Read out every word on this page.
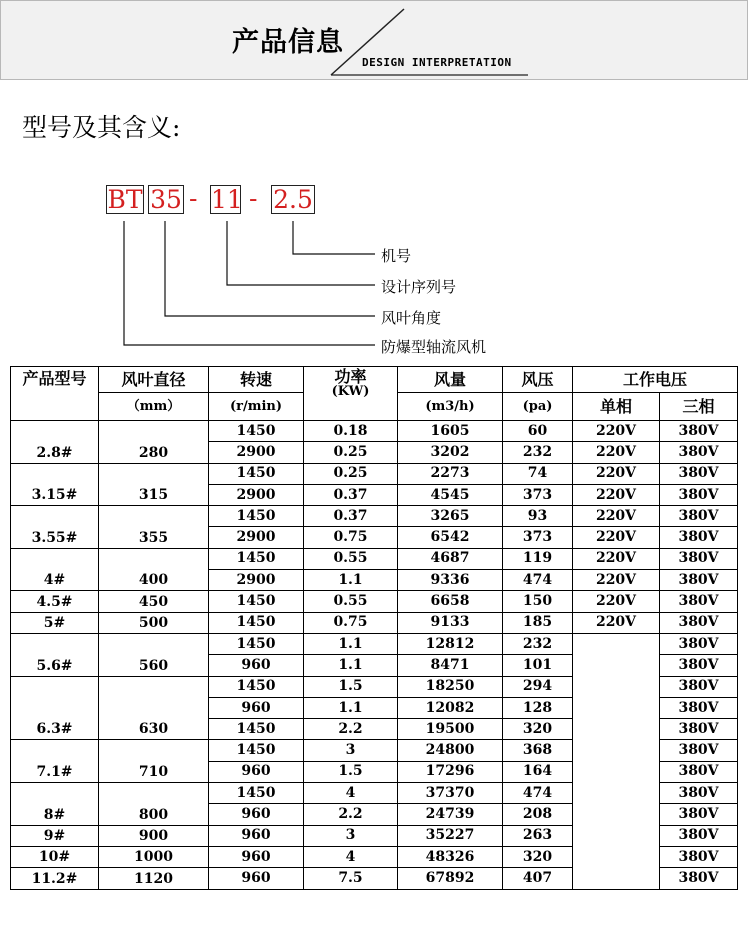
产品信息
DESIGN INTERPRETATION
型号及其含义:
BT 35 - 11 - 2.5
机号
设计序列号
风叶角度
防爆型轴流风机
产品型号	风叶直径	转速	功率
(KW)	风量	风压	工作电压	
	（mm）	(r/min)		(m3/h)	(pa)	单相	三相
2.8#	280	1450	0.18	1605	60	220V	380V
		2900	0.25	3202	232	220V	380V
3.15#	315	1450	0.25	2273	74	220V	380V
		2900	0.37	4545	373	220V	380V
3.55#	355	1450	0.37	3265	93	220V	380V
		2900	0.75	6542	373	220V	380V
4#	400	1450	0.55	4687	119	220V	380V
		2900	1.1	9336	474	220V	380V
4.5#	450	1450	0.55	6658	150	220V	380V
5#	500	1450	0.75	9133	185	220V	380V
5.6#	560	1450	1.1	12812	232		380V
		960	1.1	8471	101		380V
6.3#	630	1450	1.5	18250	294		380V
		960	1.1	12082	128		380V
		1450	2.2	19500	320		380V
7.1#	710	1450	3	24800	368		380V
		960	1.5	17296	164		380V
8#	800	1450	4	37370	474		380V
		960	2.2	24739	208		380V
9#	900	960	3	35227	263		380V
10#	1000	960	4	48326	320		380V
11.2#	1120	960	7.5	67892	407		380V
